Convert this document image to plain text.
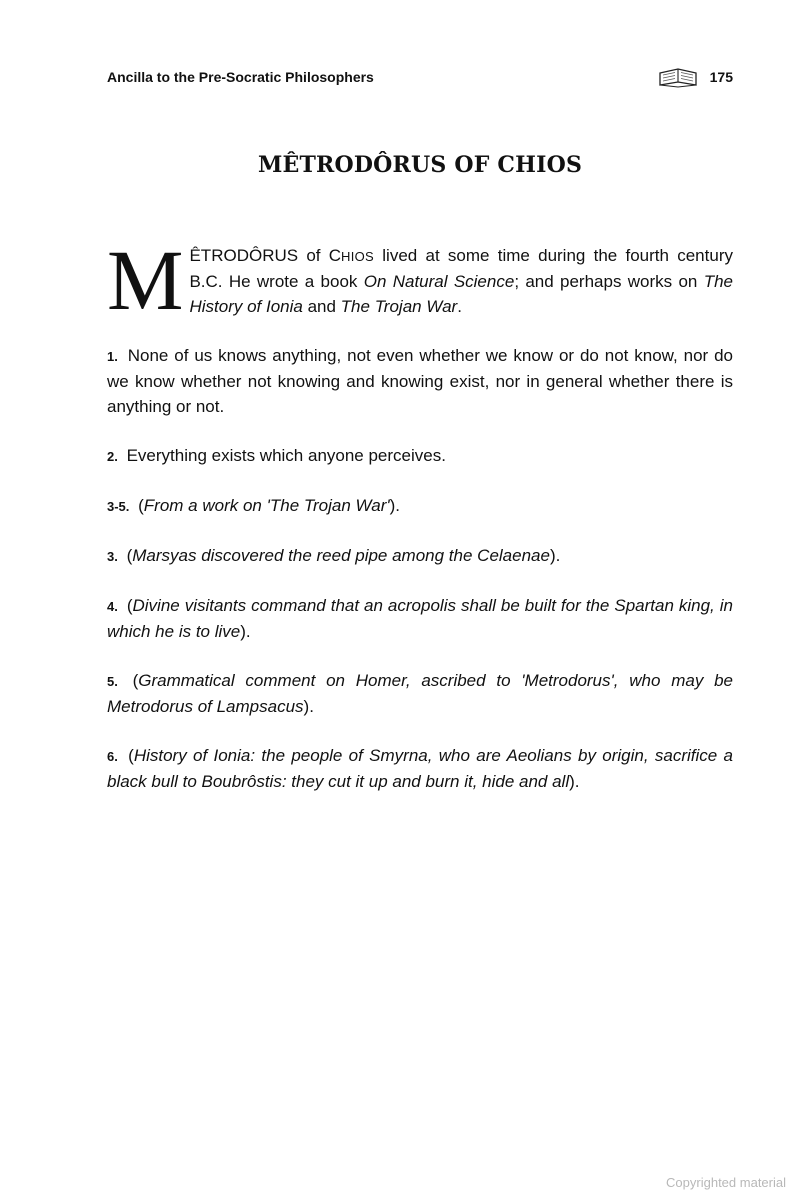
Ancilla to the Pre-Socratic Philosophers	175
MÊTRODÔRUS OF CHIOS

MÊTRODÔRUS of CHIOS lived at some time during the fourth century B.C. He wrote a book On Natural Science; and perhaps works on The History of Ionia and The Trojan War.

1. None of us knows anything, not even whether we know or do not know, nor do we know whether not knowing and knowing exist, nor in general whether there is anything or not.

2. Everything exists which anyone perceives.

3-5. (From a work on 'The Trojan War').

3. (Marsyas discovered the reed pipe among the Celaenae).

4. (Divine visitants command that an acropolis shall be built for the Spartan king, in which he is to live).

5. (Grammatical comment on Homer, ascribed to 'Metrodorus', who may be Metrodorus of Lampsacus).

6. (History of Ionia: the people of Smyrna, who are Aeolians by origin, sacrifice a black bull to Boubrôstis: they cut it up and burn it, hide and all).

Copyrighted material
